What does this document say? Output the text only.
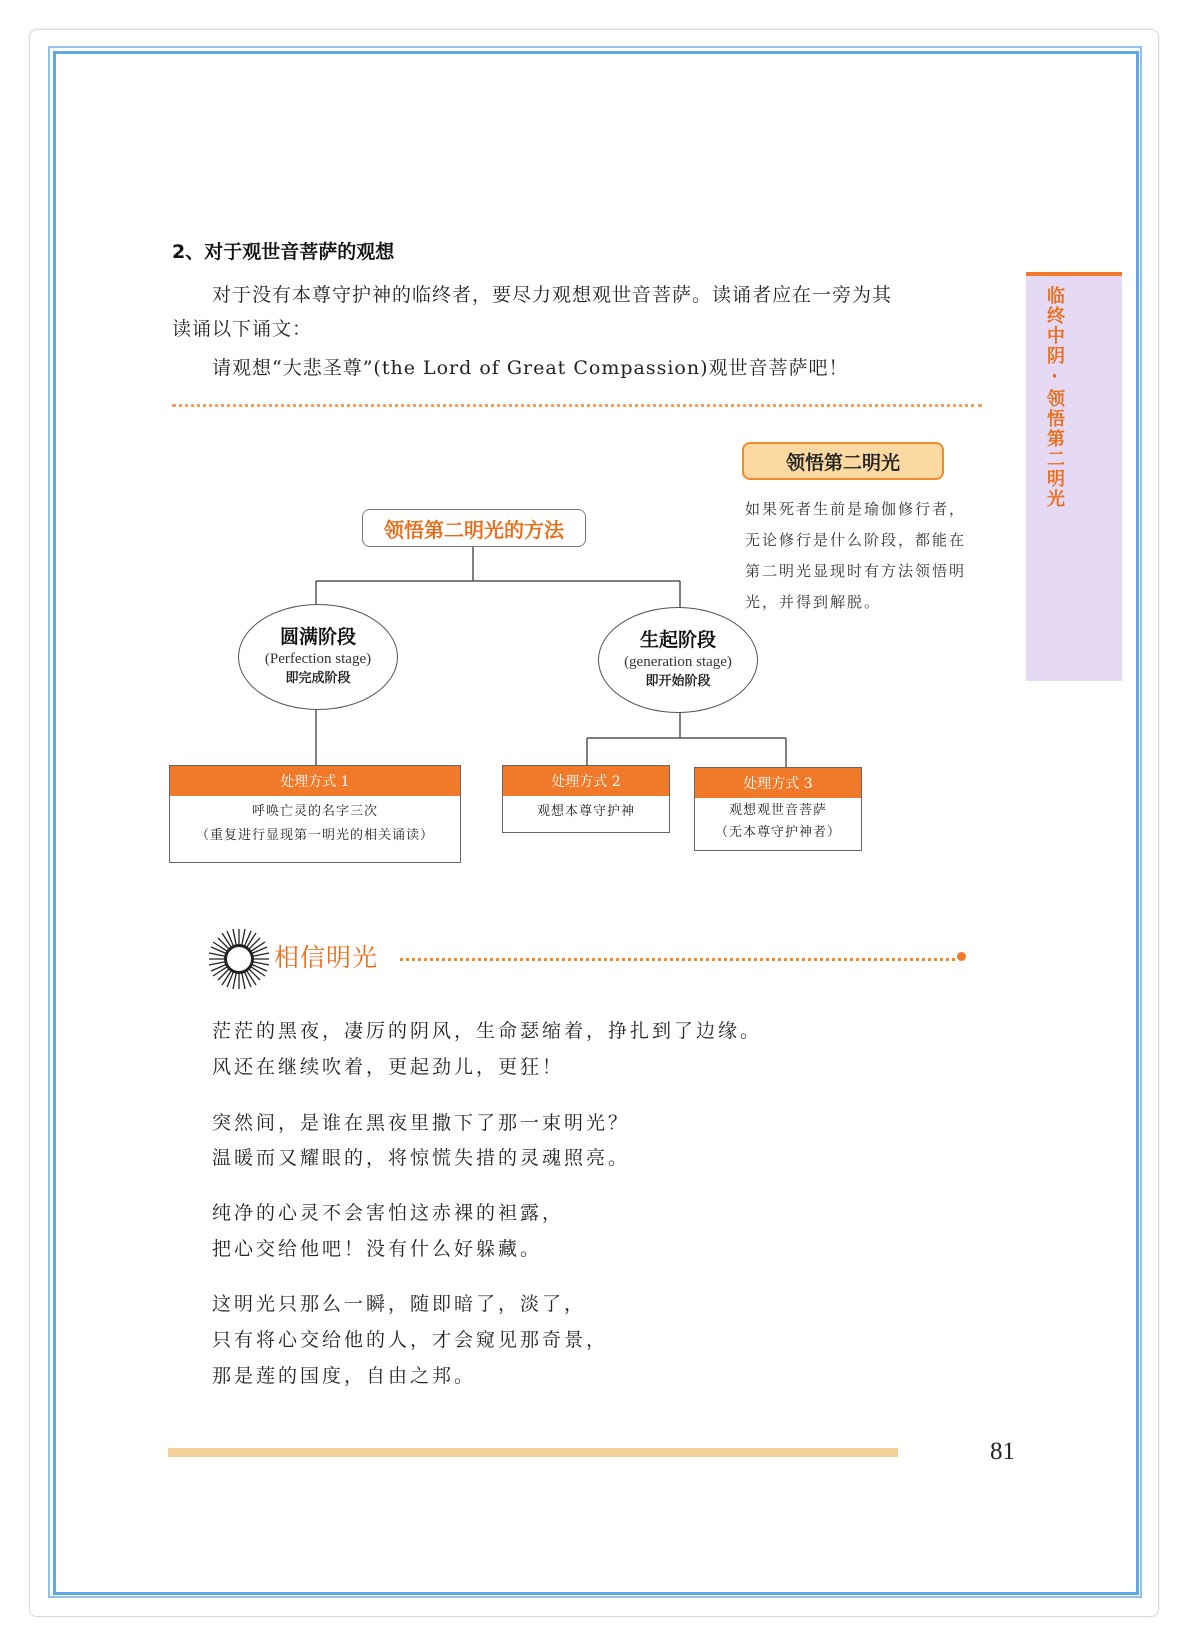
2、对于观世音菩萨的观想
对于没有本尊守护神的临终者，要尽力观想观世音菩萨。读诵者应在一旁为其
读诵以下诵文：
请观想“大悲圣尊”(the Lord of Great Compassion)观世音菩萨吧！	临终中阴·领悟第二明光
领悟第二明光
如果死者生前是瑜伽修行者，
无论修行是什么阶段，都能在
第二明光显现时有方法领悟明
光，并得到解脱。
领悟第二明光的方法
圆满阶段
(Perfection stage)
即完成阶段
生起阶段
(generation stage)
即开始阶段
处理方式 1
呼唤亡灵的名字三次
（重复进行显现第一明光的相关诵读）
处理方式 2
观想本尊守护神
处理方式 3
观想观世音菩萨
（无本尊守护神者）
相信明光
茫茫的黑夜，凄厉的阴风，生命瑟缩着，挣扎到了边缘。
风还在继续吹着，更起劲儿，更狂！
突然间，是谁在黑夜里撒下了那一束明光？
温暖而又耀眼的，将惊慌失措的灵魂照亮。
纯净的心灵不会害怕这赤裸的袒露，
把心交给他吧！没有什么好躲藏。
这明光只那么一瞬，随即暗了，淡了，
只有将心交给他的人，才会窥见那奇景，
那是莲的国度，自由之邦。
81
